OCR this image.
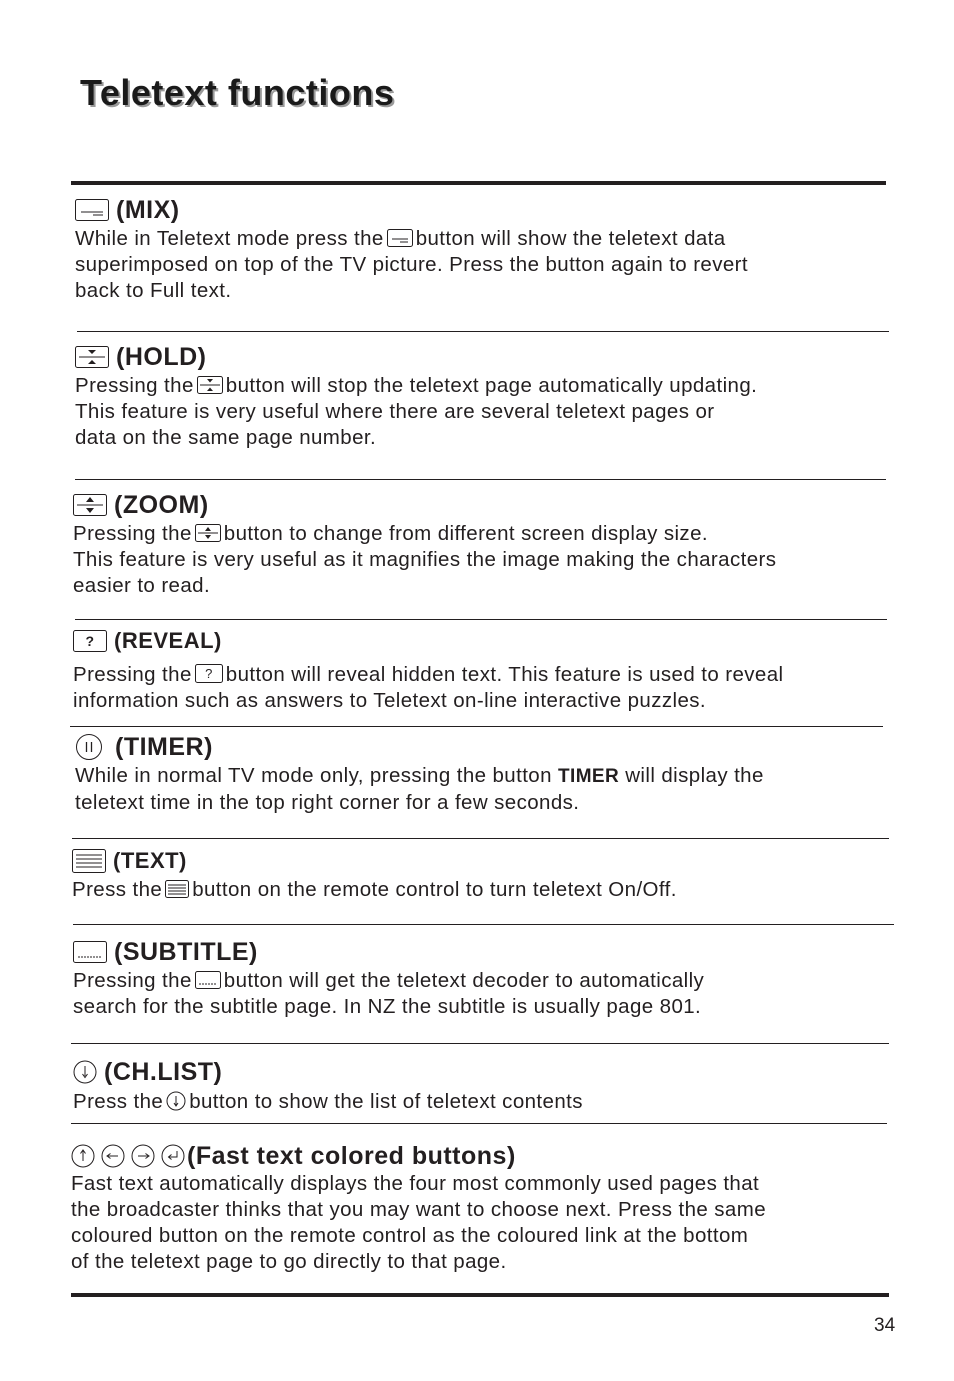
Teletext functions
(MIX)
While in Teletext mode press the button will show the teletext data
superimposed on top of the TV picture. Press the button again to revert
back to Full text.
(HOLD)
Pressing the button will stop the teletext page automatically updating.
This feature is very useful where there are several teletext pages or
data on the same page number.
(ZOOM)
Pressing the button to change from different screen display size.
This feature is very useful as it magnifies the image making the characters
easier to read.
? (REVEAL)
Pressing the ? button will reveal hidden text. This feature is used to reveal
information such as answers to Teletext on-line interactive puzzles.
(TIMER)
While in normal TV mode only, pressing the button TIMER will display the
teletext time in the top right corner for a few seconds.
(TEXT)
Press the button on the remote control to turn teletext On/Off.
(SUBTITLE)
Pressing the button will get the teletext decoder to automatically
search for the subtitle page. In NZ the subtitle is usually page 801.
(CH.LIST)
Press the button to show the list of teletext contents
(Fast text colored buttons)
Fast text automatically displays the four most commonly used pages that
the broadcaster thinks that you may want to choose next. Press the same
coloured button on the remote control as the coloured link at the bottom
of the teletext page to go directly to that page.
34
